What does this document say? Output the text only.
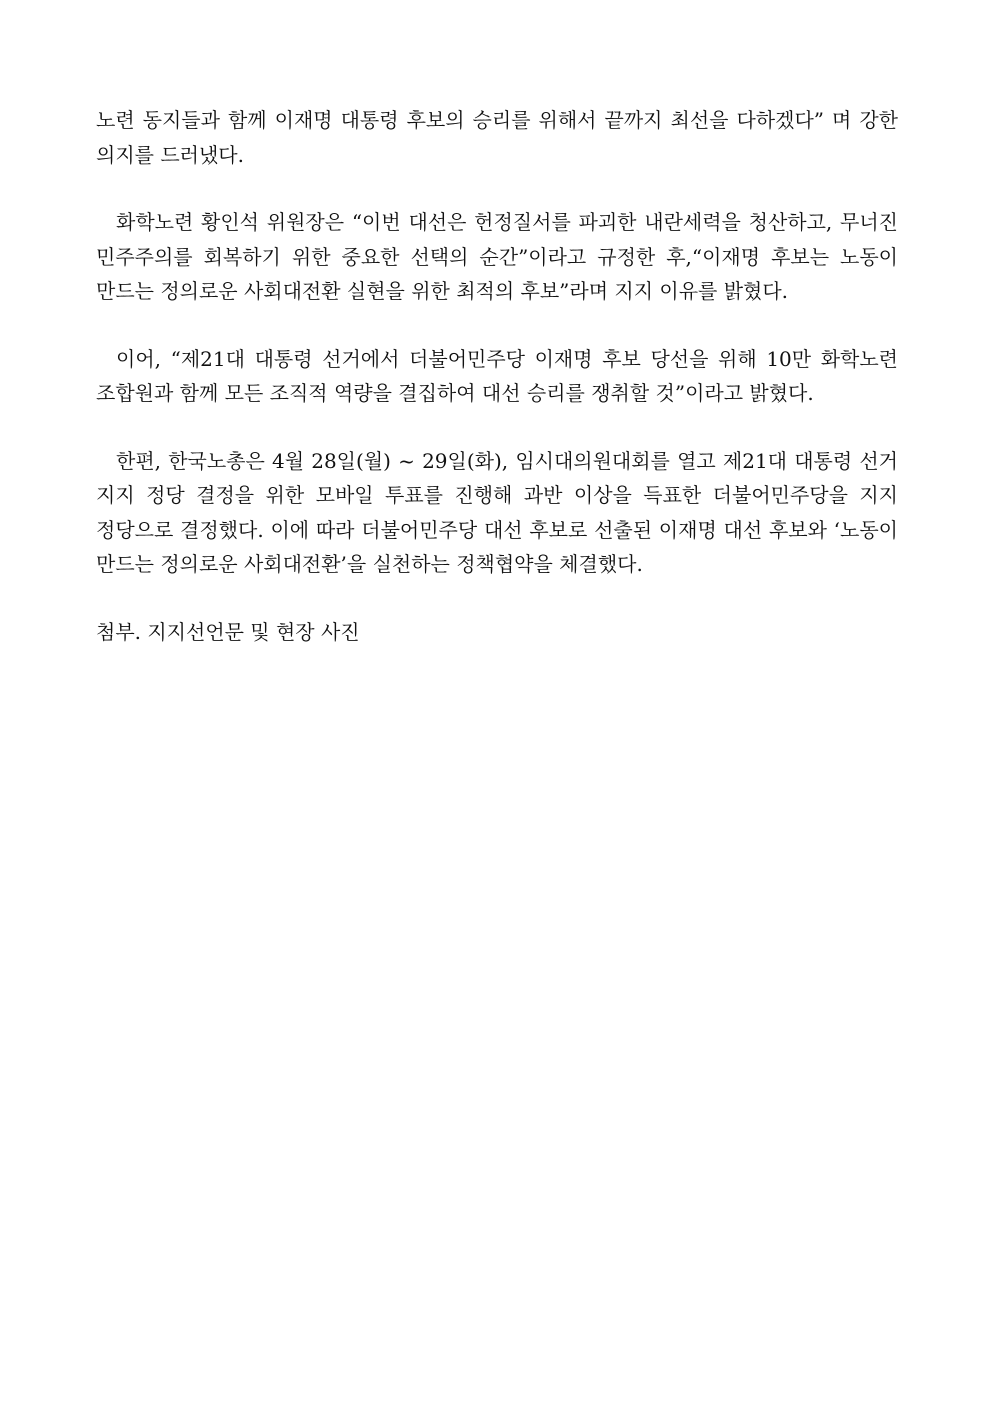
노련 동지들과 함께 이재명 대통령 후보의 승리를 위해서 끝까지 최선을 다하겠다” 며 강한 의지를 드러냈다.

화학노련 황인석 위원장은 “이번 대선은 헌정질서를 파괴한 내란세력을 청산하고, 무너진 민주주의를 회복하기 위한 중요한 선택의 순간”이라고 규정한 후,“이재명 후보는 노동이 만드는 정의로운 사회대전환 실현을 위한 최적의 후보”라며 지지 이유를 밝혔다.

이어, “제21대 대통령 선거에서 더불어민주당 이재명 후보 당선을 위해 10만 화학노련 조합원과 함께 모든 조직적 역량을 결집하여 대선 승리를 쟁취할 것”이라고 밝혔다.

한편, 한국노총은 4월 28일(월) ~ 29일(화), 임시대의원대회를 열고 제21대 대통령 선거 지지 정당 결정을 위한 모바일 투표를 진행해 과반 이상을 득표한 더불어민주당을 지지 정당으로 결정했다. 이에 따라 더불어민주당 대선 후보로 선출된 이재명 대선 후보와 ‘노동이 만드는 정의로운 사회대전환’을 실천하는 정책협약을 체결했다.

첨부. 지지선언문 및 현장 사진
